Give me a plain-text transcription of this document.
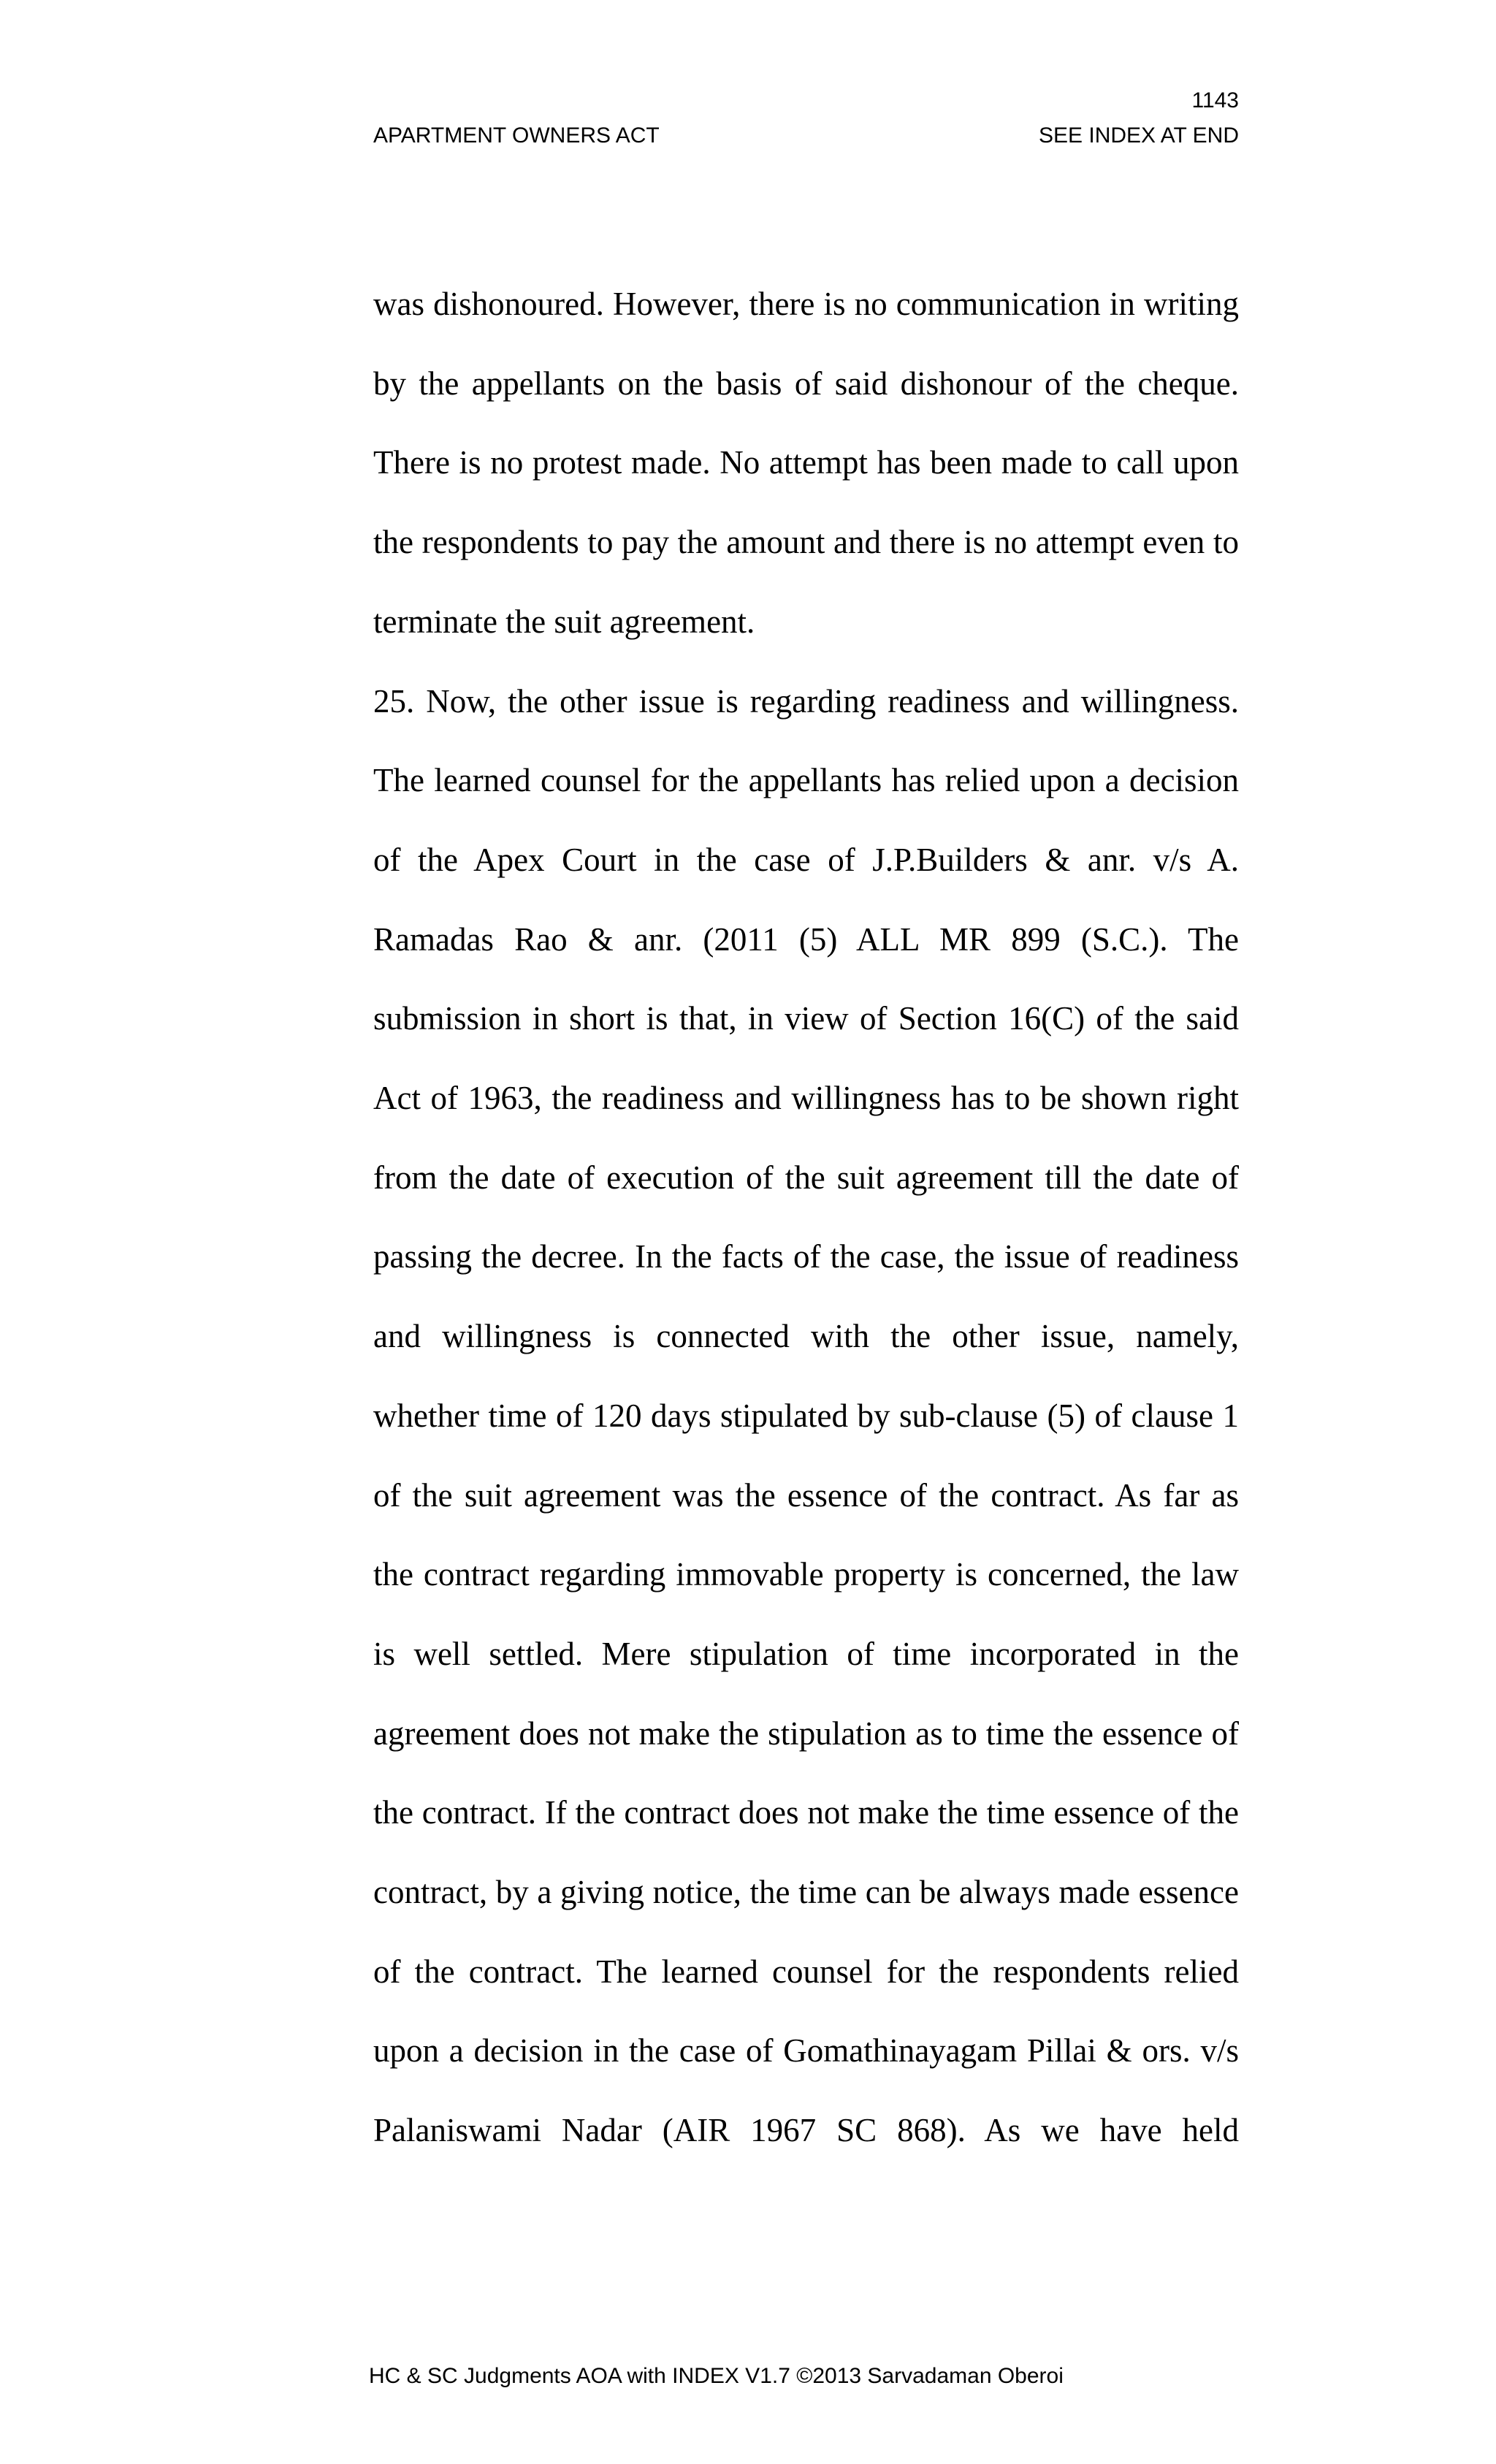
1143
APARTMENT OWNERS ACT	SEE INDEX AT END

was dishonoured. However, there is no communication in writing by the appellants on the basis of said dishonour of the cheque. There is no protest made. No attempt has been made to call upon the respondents to pay the amount and there is no attempt even to terminate the suit agreement.

25. Now, the other issue is regarding readiness and willingness. The learned counsel for the appellants has relied upon a decision of the Apex Court in the case of J.P.Builders & anr. v/s A. Ramadas Rao & anr. (2011 (5) ALL MR 899 (S.C.). The submission in short is that, in view of Section 16(C) of the said Act of 1963, the readiness and willingness has to be shown right from the date of execution of the suit agreement till the date of passing the decree. In the facts of the case, the issue of readiness and willingness is connected with the other issue, namely, whether time of 120 days stipulated by sub-clause (5) of clause 1 of the suit agreement was the essence of the contract. As far as the contract regarding immovable property is concerned, the law is well settled. Mere stipulation of time incorporated in the agreement does not make the stipulation as to time the essence of the contract. If the contract does not make the time essence of the contract, by a giving notice, the time can be always made essence of the contract. The learned counsel for the respondents relied upon a decision in the case of Gomathinayagam Pillai & ors. v/s Palaniswami Nadar (AIR 1967 SC 868). As we have held

HC & SC Judgments AOA with INDEX V1.7 ©2013 Sarvadaman Oberoi
